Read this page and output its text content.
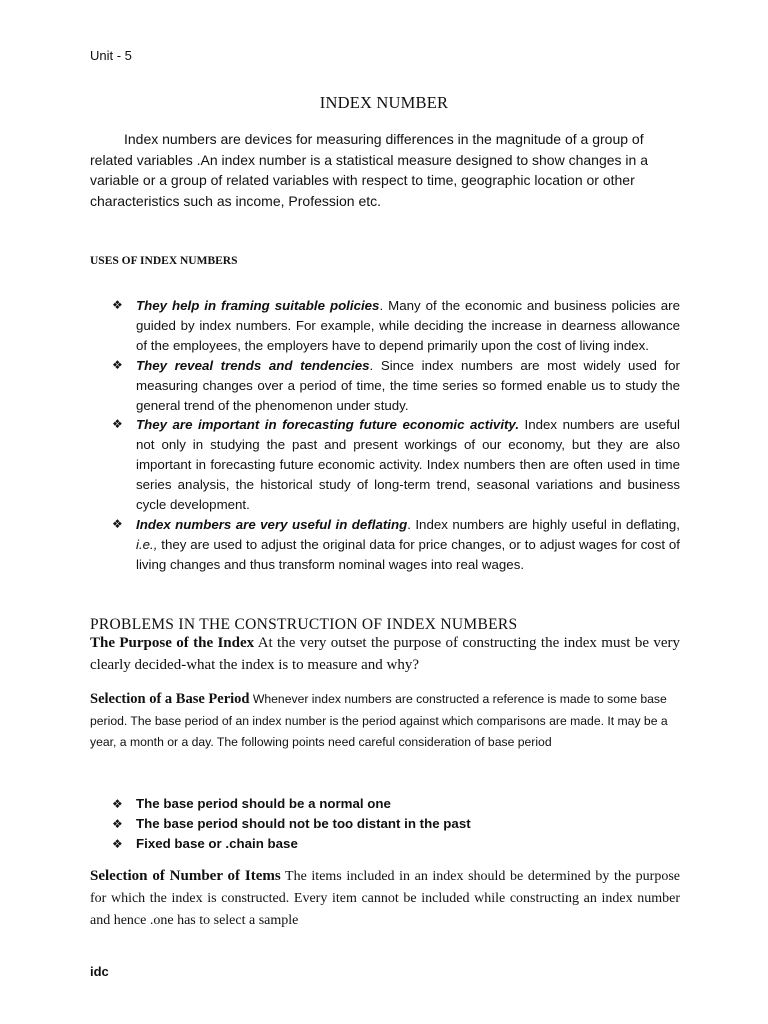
Unit - 5
INDEX NUMBER
Index numbers are devices for measuring differences in the magnitude of a group of related variables .An index number is a statistical measure designed to show changes in a variable or a group of related variables with respect to time, geographic location or other characteristics such as income, Profession etc.
USES OF INDEX NUMBERS
❖ They help in framing suitable policies. Many of the economic and business policies are guided by index numbers. For example, while deciding the increase in dearness allowance of the employees, the employers have to depend primarily upon the cost of living index.
❖ They reveal trends and tendencies. Since index numbers are most widely used for measuring changes over a period of time, the time series so formed enable us to study the general trend of the phenomenon under study.
❖ They are important in forecasting future economic activity. Index numbers are useful not only in studying the past and present workings of our economy, but they are also important in forecasting future economic activity. Index numbers then are often used in time series analysis, the historical study of long-term trend, seasonal variations and business cycle development.
❖ Index numbers are very useful in deflating. Index numbers are highly useful in deflating, i.e., they are used to adjust the original data for price changes, or to adjust wages for cost of living changes and thus transform nominal wages into real wages.
PROBLEMS IN THE CONSTRUCTION OF INDEX NUMBERS
The Purpose of the Index At the very outset the purpose of constructing the index must be very clearly decided-what the index is to measure and why?
Selection of a Base Period Whenever index numbers are constructed a reference is made to some base period. The base period of an index number is the period against which comparisons are made. It may be a year, a month or a day. The following points need careful consideration of base period
❖ The base period should be a normal one
❖ The base period should not be too distant in the past
❖ Fixed base or .chain base
Selection of Number of Items The items included in an index should be determined by the purpose for which the index is constructed. Every item cannot be included while constructing an index number and hence .one has to select a sample
idc
